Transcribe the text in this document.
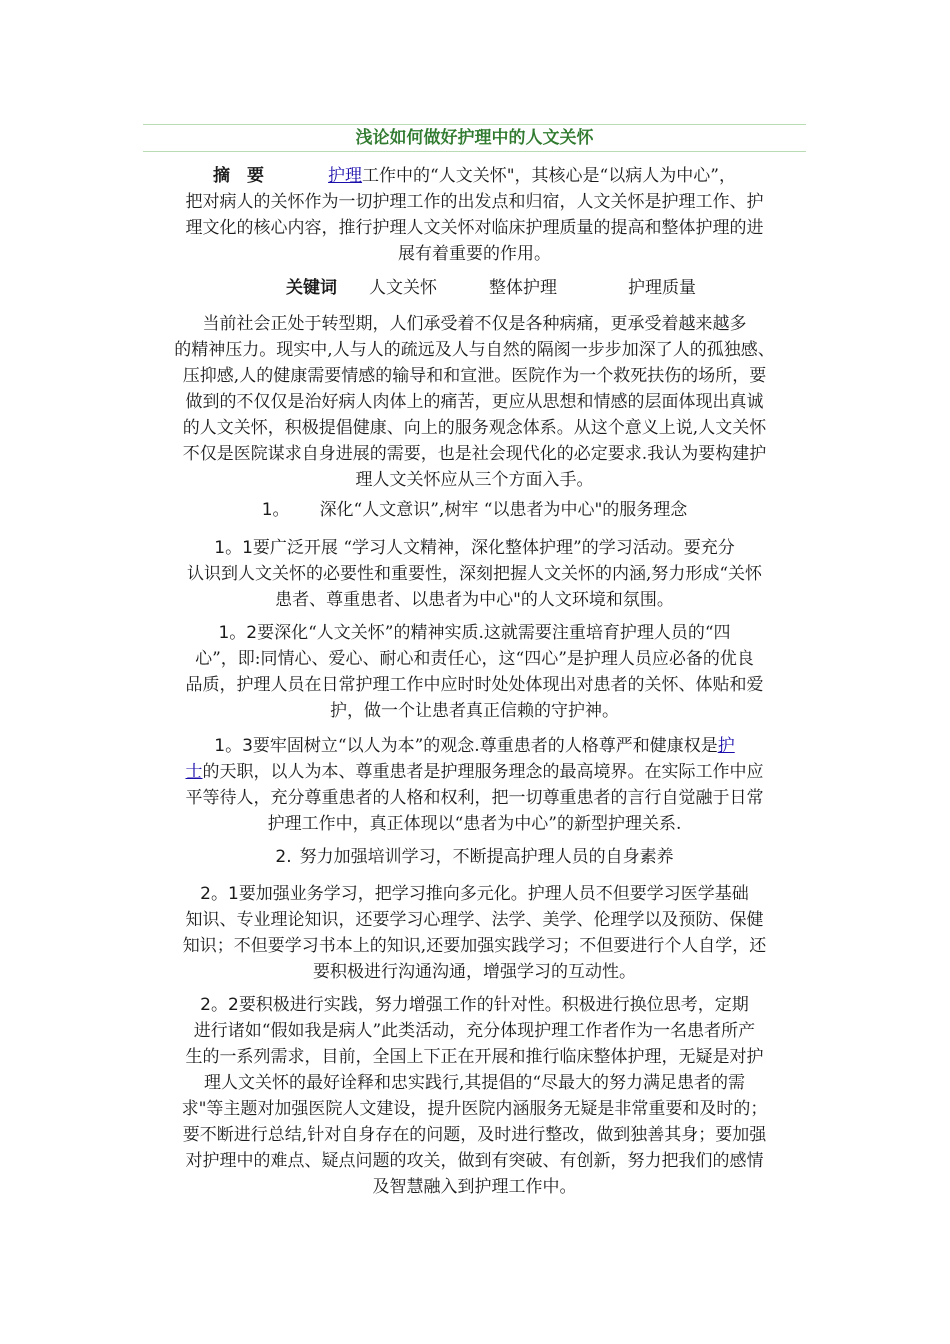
浅论如何做好护理中的人文关怀
摘　要	护理工作中的“人文关怀"，其核心是“以病人为中心”，
把对病人的关怀作为一切护理工作的出发点和归宿，人文关怀是护理工作、护
理文化的核心内容，推行护理人文关怀对临床护理质量的提高和整体护理的进
展有着重要的作用。
关键词 人文关怀	整体护理	护理质量
当前社会正处于转型期，人们承受着不仅是各种病痛，更承受着越来越多
的精神压力。现实中,人与人的疏远及人与自然的隔阂一步步加深了人的孤独感、
压抑感,人的健康需要情感的输导和和宣泄。医院作为一个救死扶伤的场所，要
做到的不仅仅是治好病人肉体上的痛苦，更应从思想和情感的层面体现出真诚
的人文关怀，积极提倡健康、向上的服务观念体系。从这个意义上说,人文关怀
不仅是医院谋求自身进展的需要，也是社会现代化的必定要求.我认为要构建护
理人文关怀应从三个方面入手。
1。 深化“人文意识”,树牢 “以患者为中心"的服务理念
1。1要广泛开展 “学习人文精神，深化整体护理”的学习活动。要充分
认识到人文关怀的必要性和重要性，深刻把握人文关怀的内涵,努力形成“关怀
患者、尊重患者、以患者为中心"的人文环境和氛围。
1。2要深化“人文关怀”的精神实质.这就需要注重培育护理人员的“四
心”，即:同情心、爱心、耐心和责任心，这“四心”是护理人员应必备的优良
品质，护理人员在日常护理工作中应时时处处体现出对患者的关怀、体贴和爱
护，做一个让患者真正信赖的守护神。
1。3要牢固树立“以人为本”的观念.尊重患者的人格尊严和健康权是护
士的天职，以人为本、尊重患者是护理服务理念的最高境界。在实际工作中应
平等待人，充分尊重患者的人格和权利，把一切尊重患者的言行自觉融于日常
护理工作中，真正体现以“患者为中心”的新型护理关系.
2. 努力加强培训学习，不断提高护理人员的自身素养
2。1要加强业务学习，把学习推向多元化。护理人员不但要学习医学基础
知识、专业理论知识，还要学习心理学、法学、美学、伦理学以及预防、保健
知识；不但要学习书本上的知识,还要加强实践学习；不但要进行个人自学，还
要积极进行沟通沟通，增强学习的互动性。
2。2要积极进行实践，努力增强工作的针对性。积极进行换位思考，定期
进行诸如“假如我是病人”此类活动，充分体现护理工作者作为一名患者所产
生的一系列需求，目前，全国上下正在开展和推行临床整体护理，无疑是对护
理人文关怀的最好诠释和忠实践行,其提倡的“尽最大的努力满足患者的需
求"等主题对加强医院人文建设，提升医院内涵服务无疑是非常重要和及时的；
要不断进行总结,针对自身存在的问题，及时进行整改，做到独善其身；要加强
对护理中的难点、疑点问题的攻关，做到有突破、有创新，努力把我们的感情
及智慧融入到护理工作中。
